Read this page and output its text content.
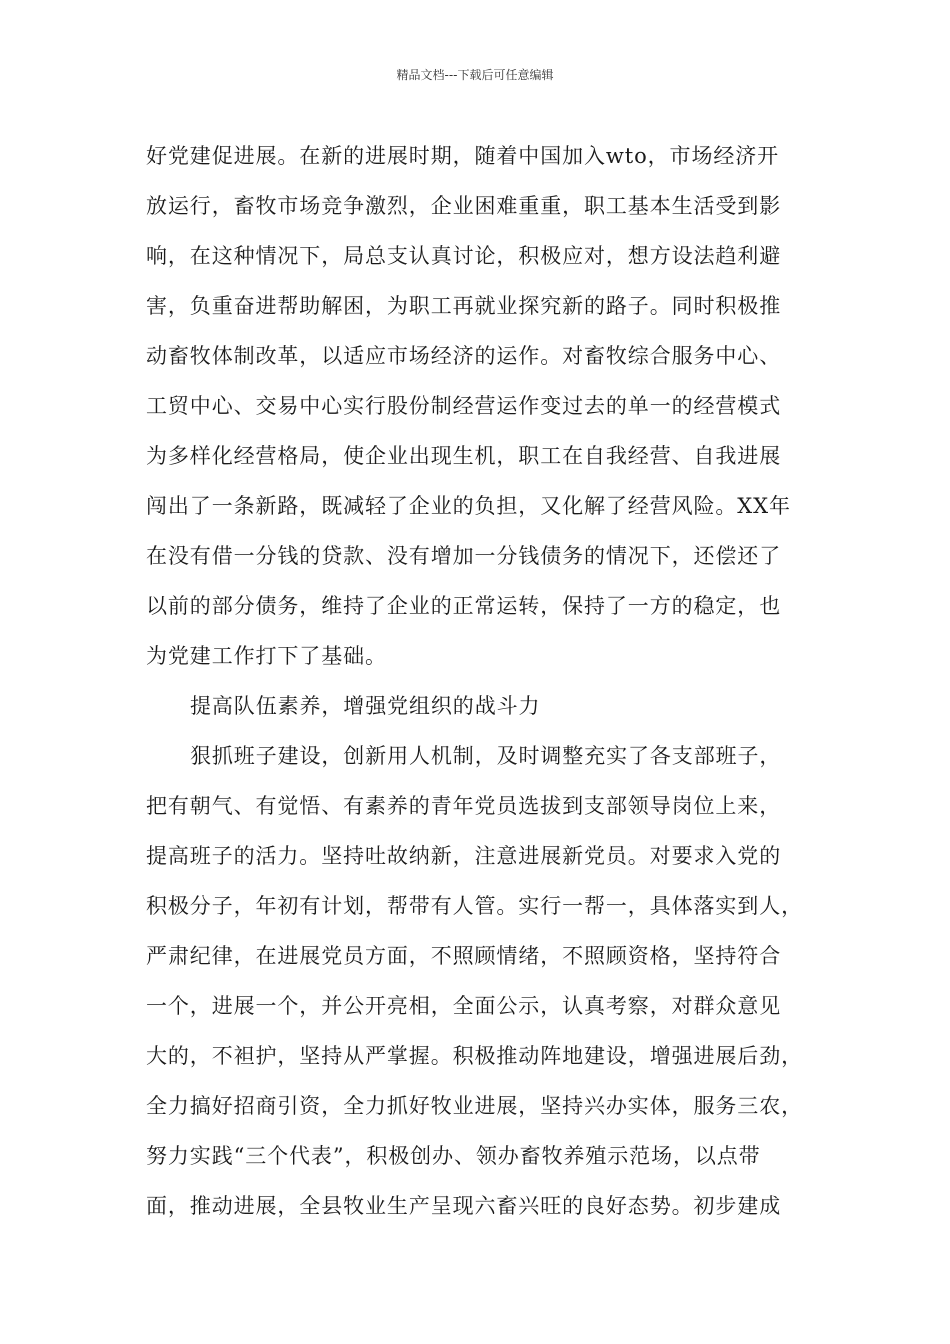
精品文档---下载后可任意编辑
好党建促进展。在新的进展时期，随着中国加入wto，市场经济开
放运行，畜牧市场竞争激烈，企业困难重重，职工基本生活受到影
响，在这种情况下，局总支认真讨论，积极应对，想方设法趋利避
害，负重奋进帮助解困，为职工再就业探究新的路子。同时积极推
动畜牧体制改革，以适应市场经济的运作。对畜牧综合服务中心、
工贸中心、交易中心实行股份制经营运作变过去的单一的经营模式
为多样化经营格局，使企业出现生机，职工在自我经营、自我进展
闯出了一条新路，既减轻了企业的负担，又化解了经营风险。XX年
在没有借一分钱的贷款、没有增加一分钱债务的情况下，还偿还了
以前的部分债务，维持了企业的正常运转，保持了一方的稳定，也
为党建工作打下了基础。
提高队伍素养，增强党组织的战斗力
狠抓班子建设，创新用人机制，及时调整充实了各支部班子，
把有朝气、有觉悟、有素养的青年党员选拔到支部领导岗位上来，
提高班子的活力。坚持吐故纳新，注意进展新党员。对要求入党的
积极分子，年初有计划，帮带有人管。实行一帮一，具体落实到人，
严肃纪律，在进展党员方面，不照顾情绪，不照顾资格，坚持符合
一个，进展一个，并公开亮相，全面公示，认真考察，对群众意见
大的，不袒护，坚持从严掌握。积极推动阵地建设，增强进展后劲，
全力搞好招商引资，全力抓好牧业进展，坚持兴办实体，服务三农，
努力实践“三个代表”，积极创办、领办畜牧养殖示范场，以点带
面，推动进展，全县牧业生产呈现六畜兴旺的良好态势。初步建成
